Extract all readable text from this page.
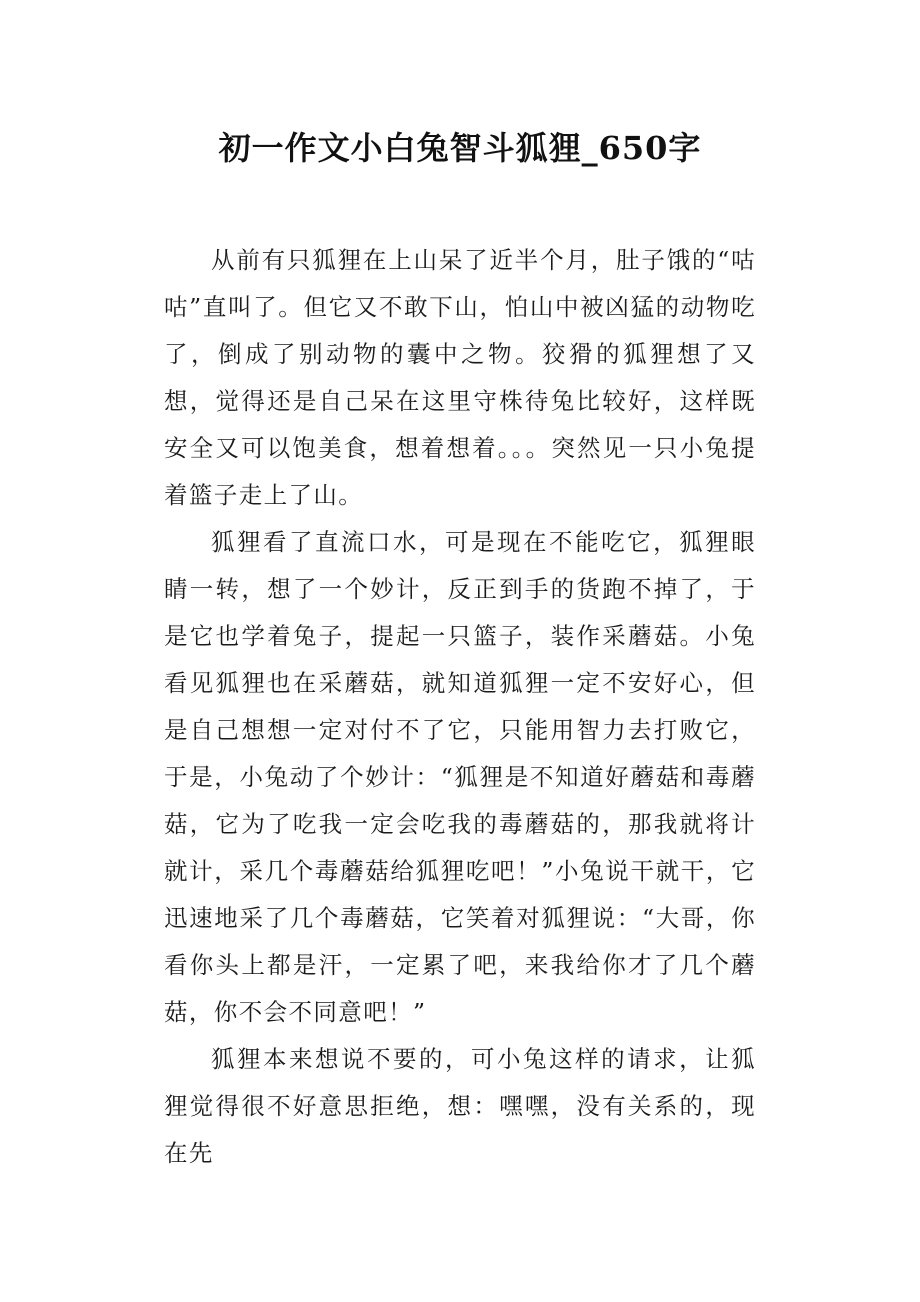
初一作文小白兔智斗狐狸_650字

从前有只狐狸在上山呆了近半个月，肚子饿的“咕咕”直叫了。但它又不敢下山，怕山中被凶猛的动物吃了，倒成了别动物的囊中之物。狡猾的狐狸想了又想，觉得还是自己呆在这里守株待兔比较好，这样既安全又可以饱美食，想着想着。。。突然见一只小兔提着篮子走上了山。

狐狸看了直流口水，可是现在不能吃它，狐狸眼睛一转，想了一个妙计，反正到手的货跑不掉了，于是它也学着兔子，提起一只篮子，装作采蘑菇。小兔看见狐狸也在采蘑菇，就知道狐狸一定不安好心，但是自己想想一定对付不了它，只能用智力去打败它，于是，小兔动了个妙计：“狐狸是不知道好蘑菇和毒蘑菇，它为了吃我一定会吃我的毒蘑菇的，那我就将计就计，采几个毒蘑菇给狐狸吃吧！”小兔说干就干，它迅速地采了几个毒蘑菇，它笑着对狐狸说：“大哥，你看你头上都是汗，一定累了吧，来我给你才了几个蘑菇，你不会不同意吧！”

狐狸本来想说不要的，可小兔这样的请求，让狐狸觉得很不好意思拒绝，想：嘿嘿，没有关系的，现在先
